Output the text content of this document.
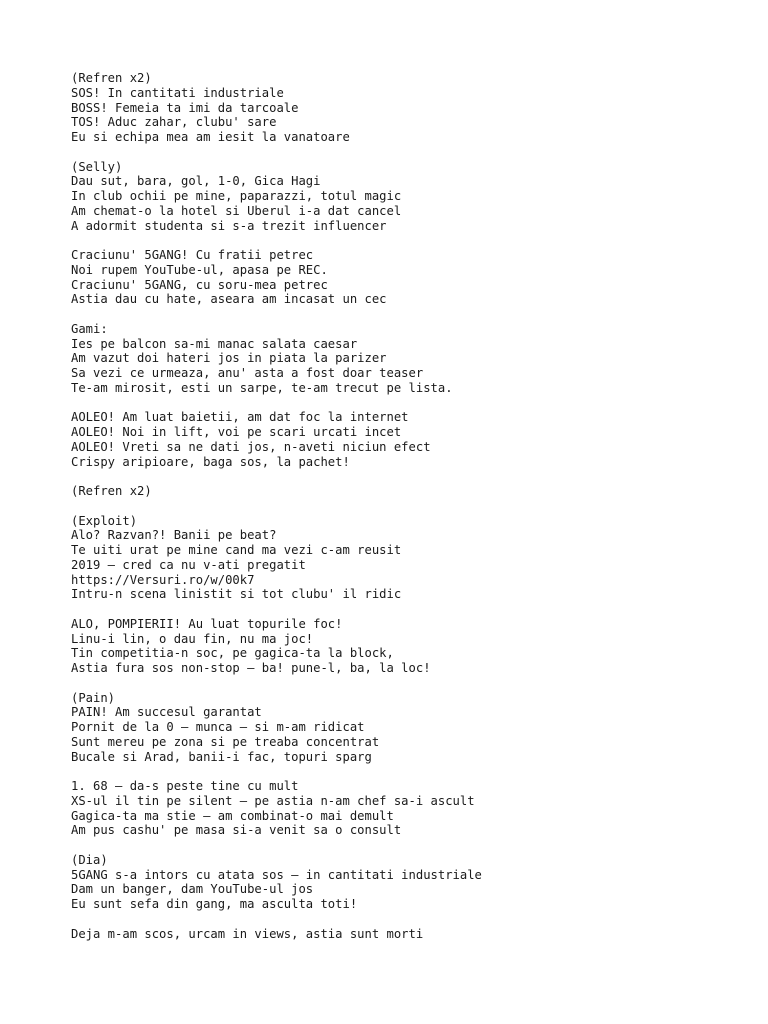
(Refren x2)
SOS! In cantitati industriale
BOSS! Femeia ta imi da tarcoale
TOS! Aduc zahar, clubu' sare
Eu si echipa mea am iesit la vanatoare
(Selly)
Dau sut, bara, gol, 1-0, Gica Hagi
In club ochii pe mine, paparazzi, totul magic
Am chemat-o la hotel si Uberul i-a dat cancel
A adormit studenta si s-a trezit influencer
Craciunu' 5GANG! Cu fratii petrec
Noi rupem YouTube-ul, apasa pe REC.
Craciunu' 5GANG, cu soru-mea petrec
Astia dau cu hate, aseara am incasat un cec
Gami:
Ies pe balcon sa-mi manac salata caesar
Am vazut doi hateri jos in piata la parizer
Sa vezi ce urmeaza, anu' asta a fost doar teaser
Te-am mirosit, esti un sarpe, te-am trecut pe lista.
AOLEO! Am luat baietii, am dat foc la internet
AOLEO! Noi in lift, voi pe scari urcati incet
AOLEO! Vreti sa ne dati jos, n-aveti niciun efect
Crispy aripioare, baga sos, la pachet!
(Refren x2)
(Exploit)
Alo? Razvan?! Banii pe beat?
Te uiti urat pe mine cand ma vezi c-am reusit
2019 — cred ca nu v-ati pregatit
https://Versuri.ro/w/00k7
Intru-n scena linistit si tot clubu' il ridic
ALO, POMPIERII! Au luat topurile foc!
Linu-i lin, o dau fin, nu ma joc!
Tin competitia-n soc, pe gagica-ta la block,
Astia fura sos non-stop — ba! pune-l, ba, la loc!
(Pain)
PAIN! Am succesul garantat
Pornit de la 0 — munca — si m-am ridicat
Sunt mereu pe zona si pe treaba concentrat
Bucale si Arad, banii-i fac, topuri sparg
1. 68 — da-s peste tine cu mult
XS-ul il tin pe silent — pe astia n-am chef sa-i ascult
Gagica-ta ma stie — am combinat-o mai demult
Am pus cashu' pe masa si-a venit sa o consult
(Dia)
5GANG s-a intors cu atata sos — in cantitati industriale
Dam un banger, dam YouTube-ul jos
Eu sunt sefa din gang, ma asculta toti!
Deja m-am scos, urcam in views, astia sunt morti
